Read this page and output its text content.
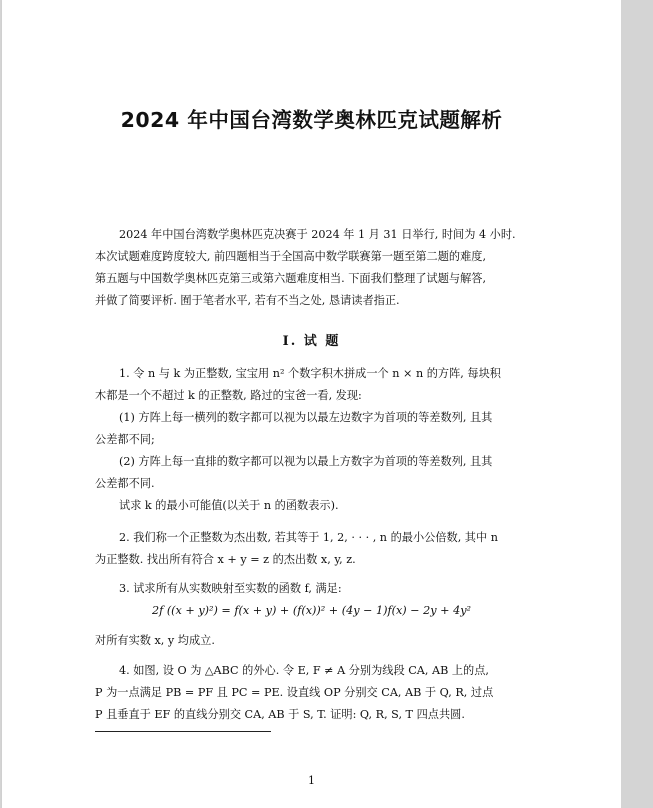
2024 年中国台湾数学奥林匹克试题解析
2024 年中国台湾数学奥林匹克决赛于 2024 年 1 月 31 日举行, 时间为 4 小时.
本次试题难度跨度较大, 前四题相当于全国高中数学联赛第一题至第二题的难度,
第五题与中国数学奥林匹克第三或第六题难度相当. 下面我们整理了试题与解答,
并做了简要评析. 囿于笔者水平, 若有不当之处, 恳请读者指正.
I. 试 题
1. 令 n 与 k 为正整数, 宝宝用 n² 个数字积木拼成一个 n × n 的方阵, 每块积
木都是一个不超过 k 的正整数, 路过的宝爸一看, 发现:
(1) 方阵上每一横列的数字都可以视为以最左边数字为首项的等差数列, 且其
公差都不同;
(2) 方阵上每一直排的数字都可以视为以最上方数字为首项的等差数列, 且其
公差都不同.
试求 k 的最小可能值(以关于 n 的函数表示).
2. 我们称一个正整数为杰出数, 若其等于 1, 2, · · · , n 的最小公倍数, 其中 n
为正整数. 找出所有符合 x + y = z 的杰出数 x, y, z.
3. 试求所有从实数映射至实数的函数 f, 满足:
2f ((x + y)²) = f(x + y) + (f(x))² + (4y − 1)f(x) − 2y + 4y²
对所有实数 x, y 均成立.
4. 如图, 设 O 为 △ABC 的外心. 令 E, F ≠ A 分别为线段 CA, AB 上的点,
P 为一点满足 PB = PF 且 PC = PE. 设直线 OP 分别交 CA, AB 于 Q, R, 过点
P 且垂直于 EF 的直线分别交 CA, AB 于 S, T. 证明: Q, R, S, T 四点共圆.
1
